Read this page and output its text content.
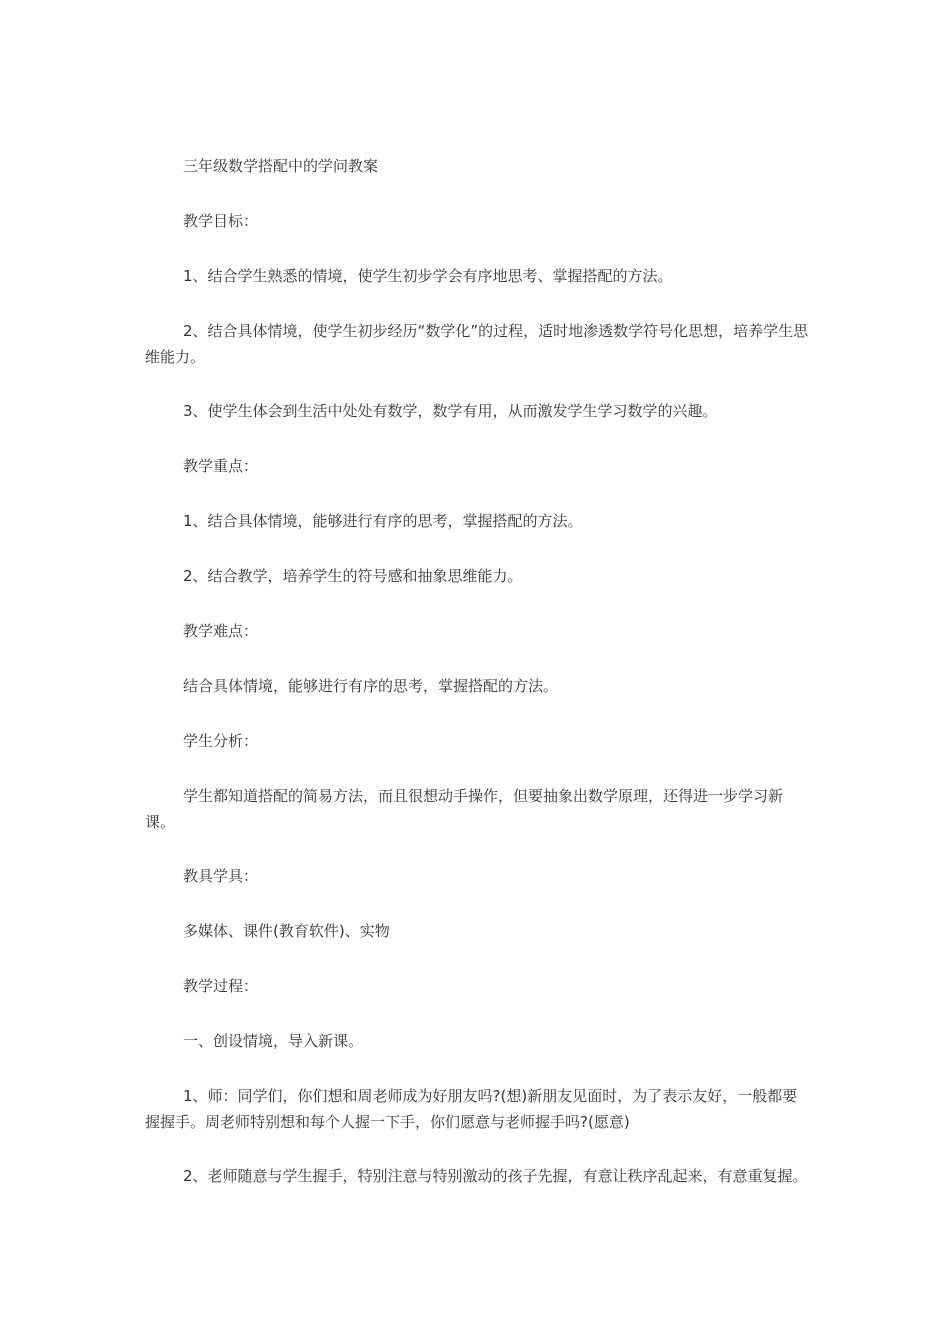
三年级数学搭配中的学问教案

教学目标：

1、结合学生熟悉的情境，使学生初步学会有序地思考、掌握搭配的方法。

2、结合具体情境，使学生初步经历“数学化”的过程，适时地渗透数学符号化思想，培养学生思维能力。

3、使学生体会到生活中处处有数学，数学有用，从而激发学生学习数学的兴趣。

教学重点：

1、结合具体情境，能够进行有序的思考，掌握搭配的方法。

2、结合教学，培养学生的符号感和抽象思维能力。

教学难点：

结合具体情境，能够进行有序的思考，掌握搭配的方法。

学生分析：

学生都知道搭配的简易方法，而且很想动手操作，但要抽象出数学原理，还得进一步学习新课。

教具学具：

多媒体、课件(教育软件)、实物

教学过程：

一、创设情境，导入新课。

1、师：同学们，你们想和周老师成为好朋友吗?(想)新朋友见面时，为了表示友好，一般都要握握手。周老师特别想和每个人握一下手，你们愿意与老师握手吗?(愿意)

2、老师随意与学生握手，特别注意与特别激动的孩子先握，有意让秩序乱起来，有意重复握。
